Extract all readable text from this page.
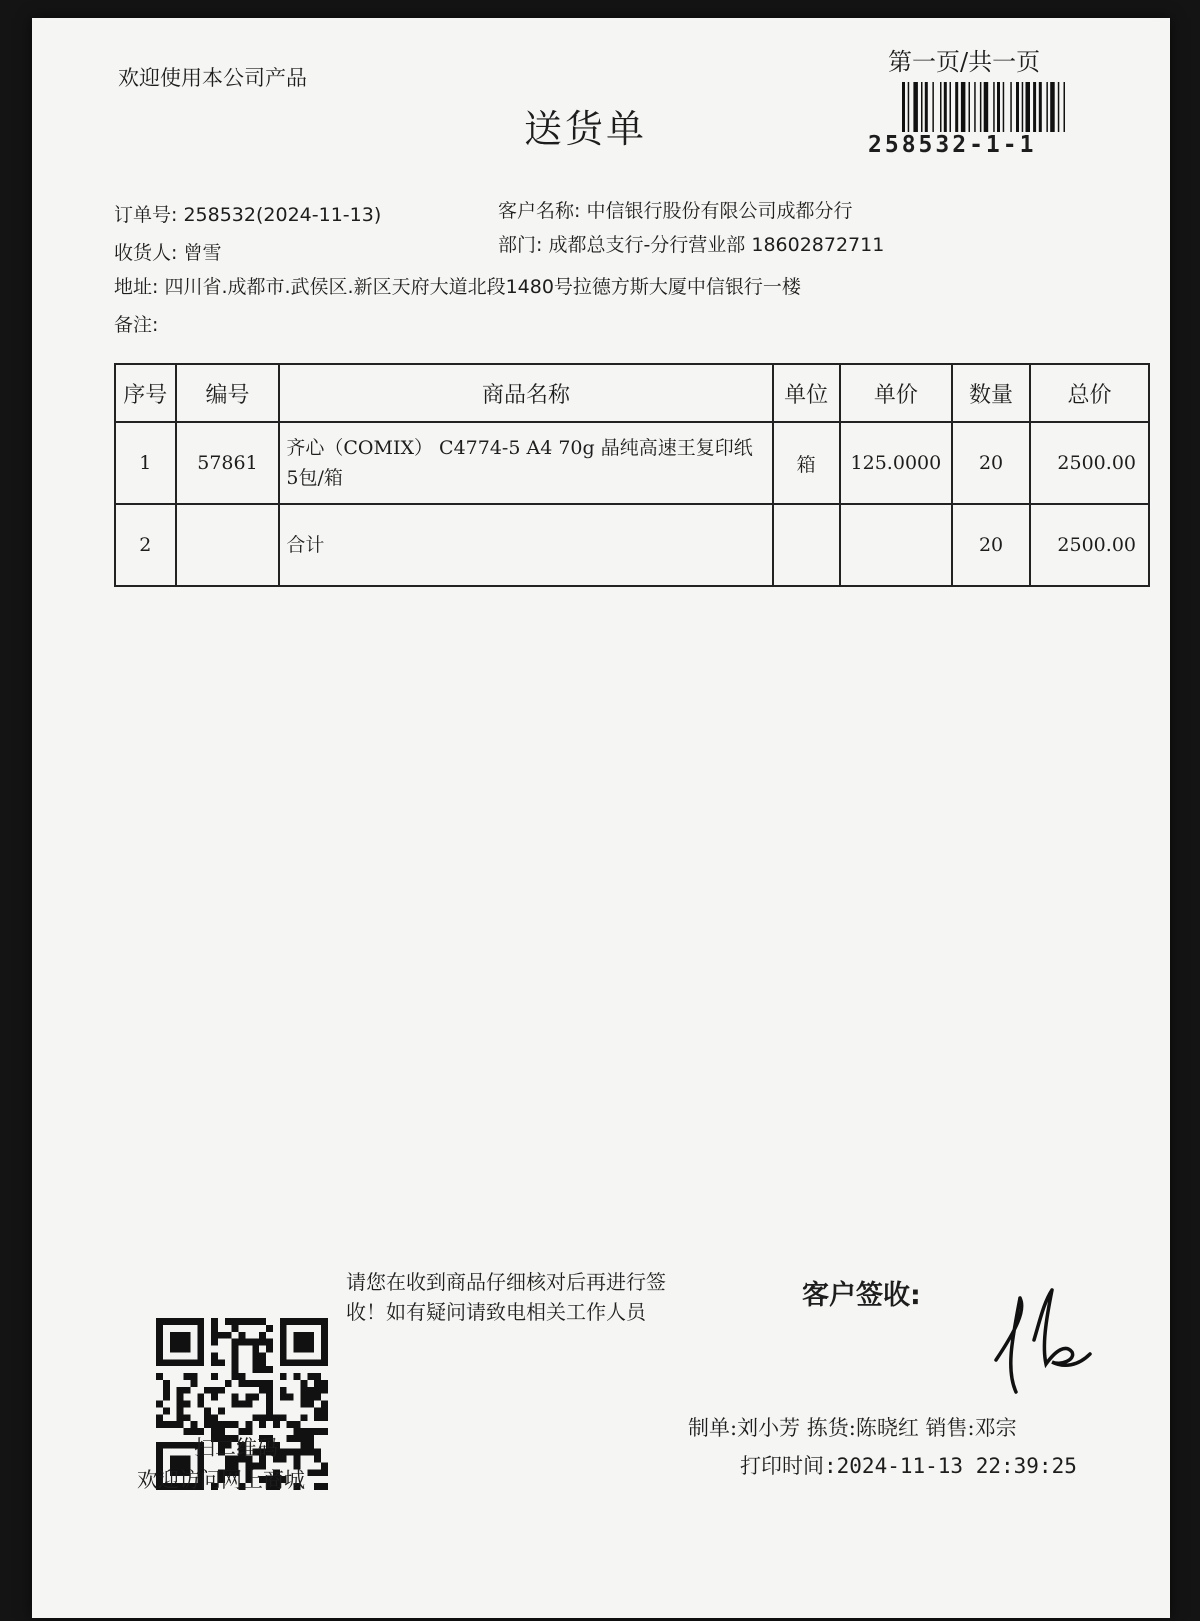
欢迎使用本公司产品
送货单
第一页/共一页
258532-1-1
订单号: 258532(2024-11-13)
收货人: 曾雪
地址: 四川省.成都市.武侯区.新区天府大道北段1480号拉德方斯大厦中信银行一楼
备注:
客户名称: 中信银行股份有限公司成都分行
部门: 成都总支行-分行营业部 18602872711
序号	编号	商品名称	单位	单价	数量	总价
1	57861	齐心（COMIX） C4774-5 A4 70g 晶纯高速王复印纸 5包/箱	箱	125.0000	20	2500.00
2		合计			20	2500.00
扫二维码
欢迎访问网上商城
请您在收到商品仔细核对后再进行签
收！如有疑问请致电相关工作人员
客户签收:
制单:刘小芳 拣货:陈晓红 销售:邓宗
打印时间:2024-11-13 22:39:25
